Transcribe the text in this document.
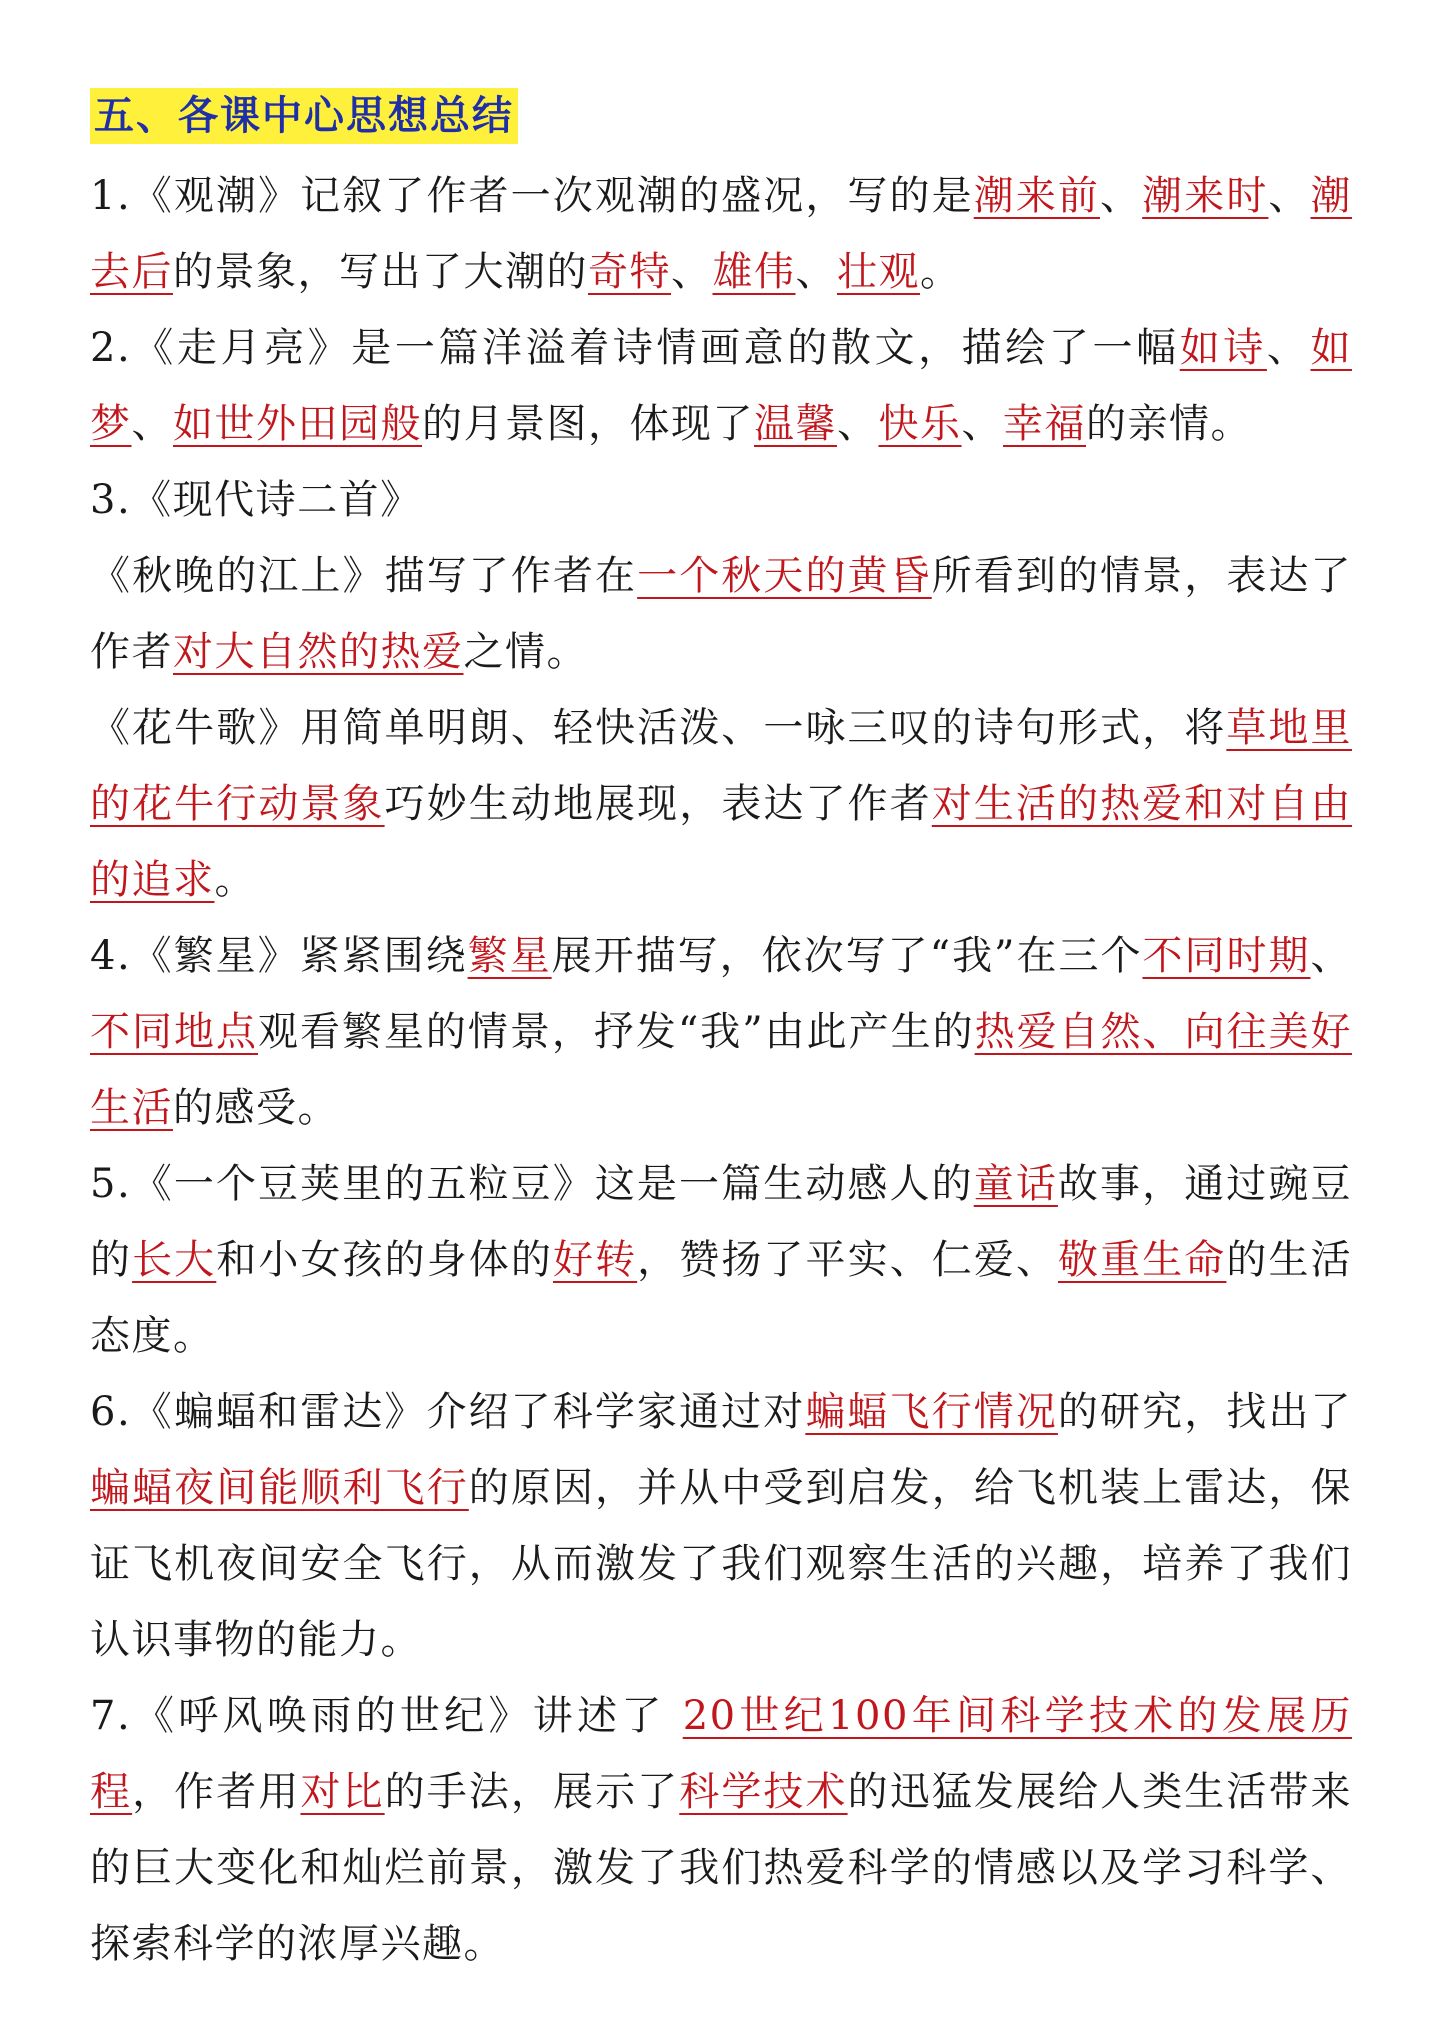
五、各课中心思想总结

1.《观潮》记叙了作者一次观潮的盛况，写的是潮来前、潮来时、潮去后的景象，写出了大潮的奇特、雄伟、壮观。

2.《走月亮》是一篇洋溢着诗情画意的散文，描绘了一幅如诗、如梦、如世外田园般的月景图，体现了温馨、快乐、幸福的亲情。

3.《现代诗二首》

《秋晚的江上》描写了作者在一个秋天的黄昏所看到的情景，表达了作者对大自然的热爱之情。

《花牛歌》用简单明朗、轻快活泼、一咏三叹的诗句形式，将草地里的花牛行动景象巧妙生动地展现，表达了作者对生活的热爱和对自由的追求。

4.《繁星》紧紧围绕繁星展开描写，依次写了“我”在三个不同时期、不同地点观看繁星的情景，抒发“我”由此产生的热爱自然、向往美好生活的感受。

5.《一个豆荚里的五粒豆》这是一篇生动感人的童话故事，通过豌豆的长大和小女孩的身体的好转，赞扬了平实、仁爱、敬重生命的生活态度。

6.《蝙蝠和雷达》介绍了科学家通过对蝙蝠飞行情况的研究，找出了蝙蝠夜间能顺利飞行的原因，并从中受到启发，给飞机装上雷达，保证飞机夜间安全飞行，从而激发了我们观察生活的兴趣，培养了我们认识事物的能力。

7.《呼风唤雨的世纪》讲述了 20世纪100年间科学技术的发展历程，作者用对比的手法，展示了科学技术的迅猛发展给人类生活带来的巨大变化和灿烂前景，激发了我们热爱科学的情感以及学习科学、探索科学的浓厚兴趣。
